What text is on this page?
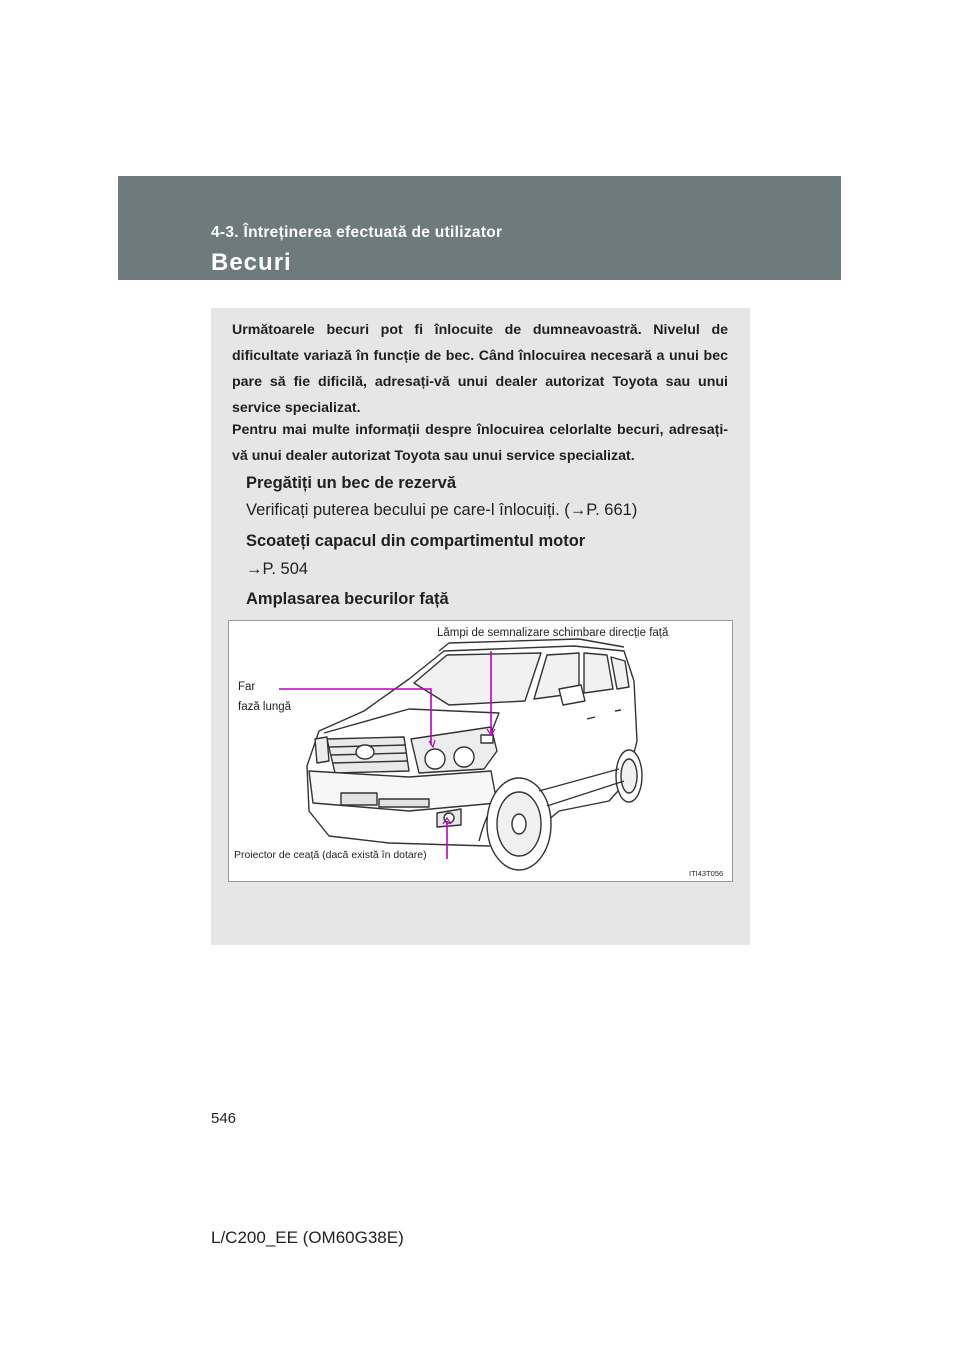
4-3. Întreținerea efectuată de utilizator
Becuri

Următoarele becuri pot fi înlocuite de dumneavoastră. Nivelul de dificultate variază în funcție de bec. Când înlocuirea necesară a unui bec pare să fie dificilă, adresați-vă unui dealer autorizat Toyota sau unui service specializat.

Pentru mai multe informații despre înlocuirea celorlalte becuri, adresați-vă unui dealer autorizat Toyota sau unui service specializat.

Pregătiți un bec de rezervă

Verificați puterea becului pe care-l înlocuiți. (→P. 661)

Scoateți capacul din compartimentul motor

→P. 504

Amplasarea becurilor față

Lămpi de semnalizare schimbare direcție față
Far
fază lungă
Proiector de ceață (dacă există în dotare)
ITI43T056
546
L/C200_EE (OM60G38E)
